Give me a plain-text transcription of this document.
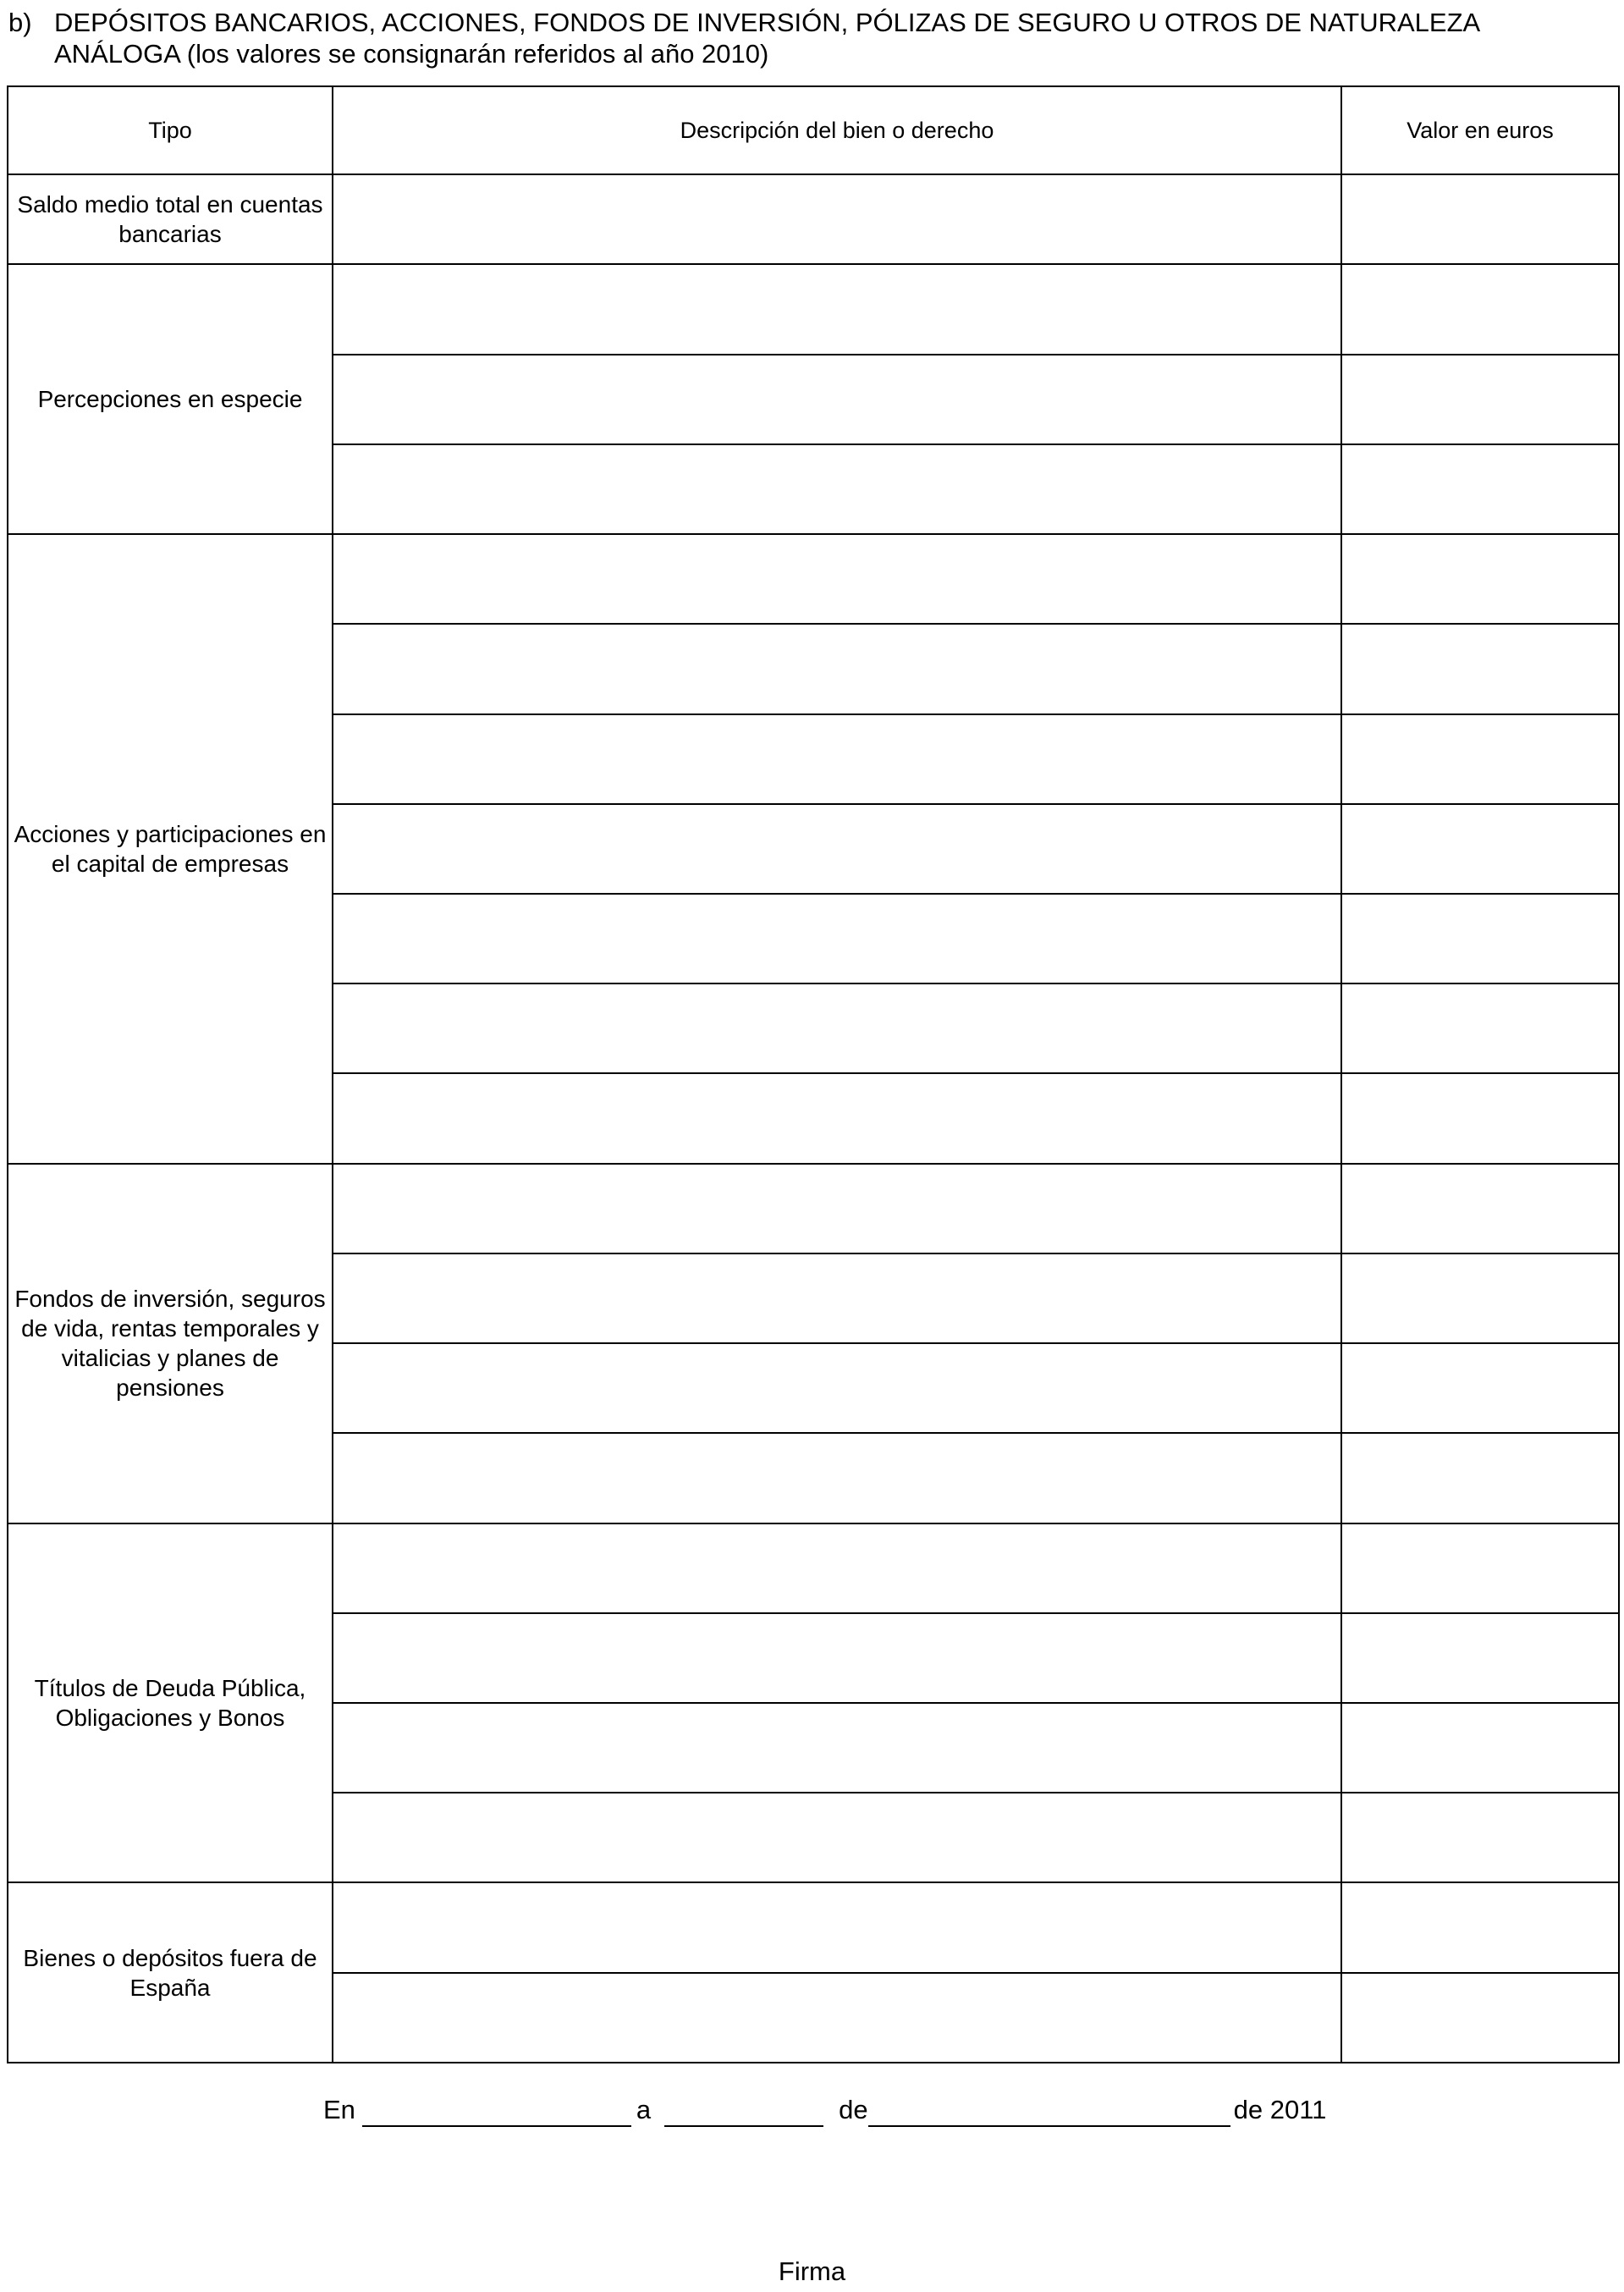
b) DEPÓSITOS BANCARIOS, ACCIONES, FONDOS DE INVERSIÓN, PÓLIZAS DE SEGURO U OTROS DE NATURALEZA
ANÁLOGA (los valores se consignarán referidos al año 2010)
Tipo	Descripción del bien o derecho	Valor en euros
Saldo medio total en cuentas bancarias		
Percepciones en especie		

Acciones y participaciones en el capital de empresas		

Fondos de inversión, seguros de vida, rentas temporales y vitalicias y planes de pensiones		

Títulos de Deuda Pública, Obligaciones y Bonos		

Bienes o depósitos fuera de España		

En	a	de	de 2011
Firma
